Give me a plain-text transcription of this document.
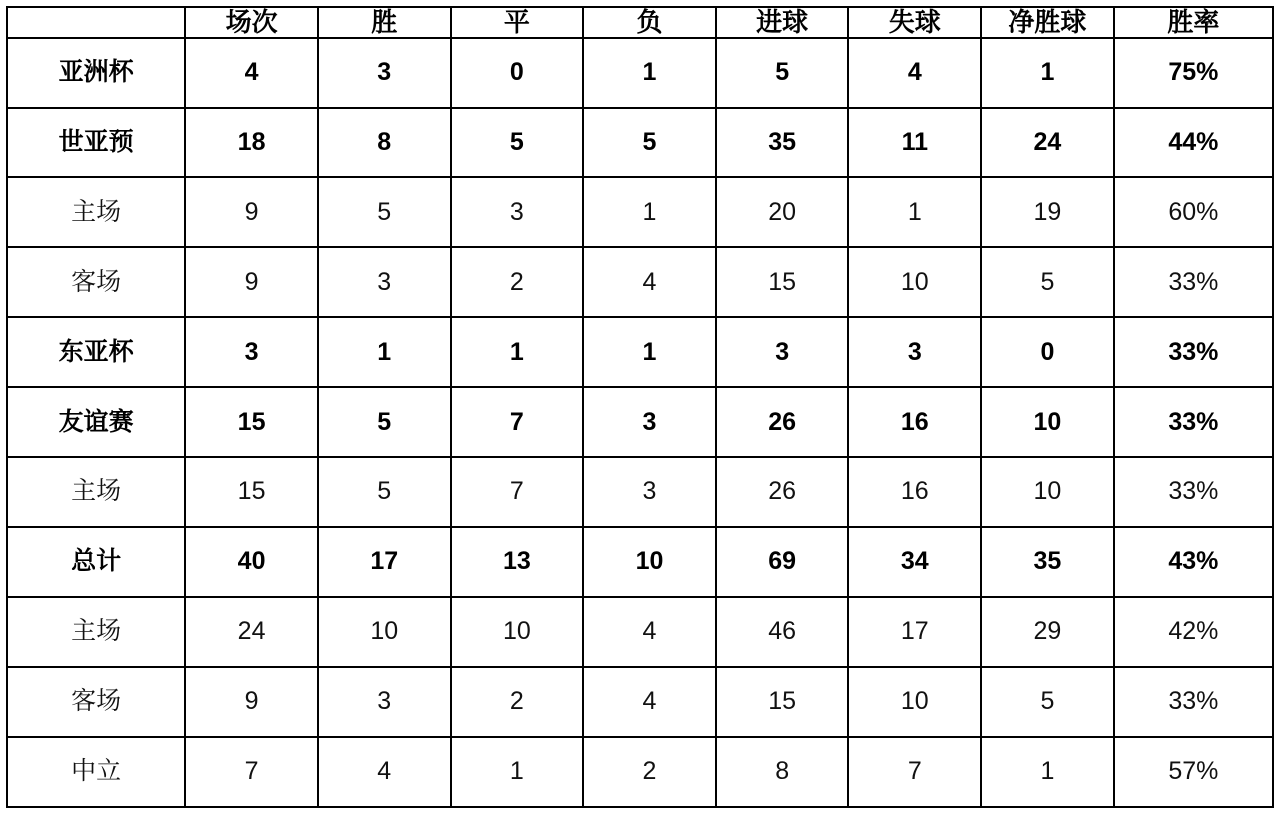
	场次	胜	平	负	进球	失球	净胜球	胜率
亚洲杯	4	3	0	1	5	4	1	75%
世亚预	18	8	5	5	35	11	24	44%
主场	9	5	3	1	20	1	19	60%
客场	9	3	2	4	15	10	5	33%
东亚杯	3	1	1	1	3	3	0	33%
友谊赛	15	5	7	3	26	16	10	33%
主场	15	5	7	3	26	16	10	33%
总计	40	17	13	10	69	34	35	43%
主场	24	10	10	4	46	17	29	42%
客场	9	3	2	4	15	10	5	33%
中立	7	4	1	2	8	7	1	57%
